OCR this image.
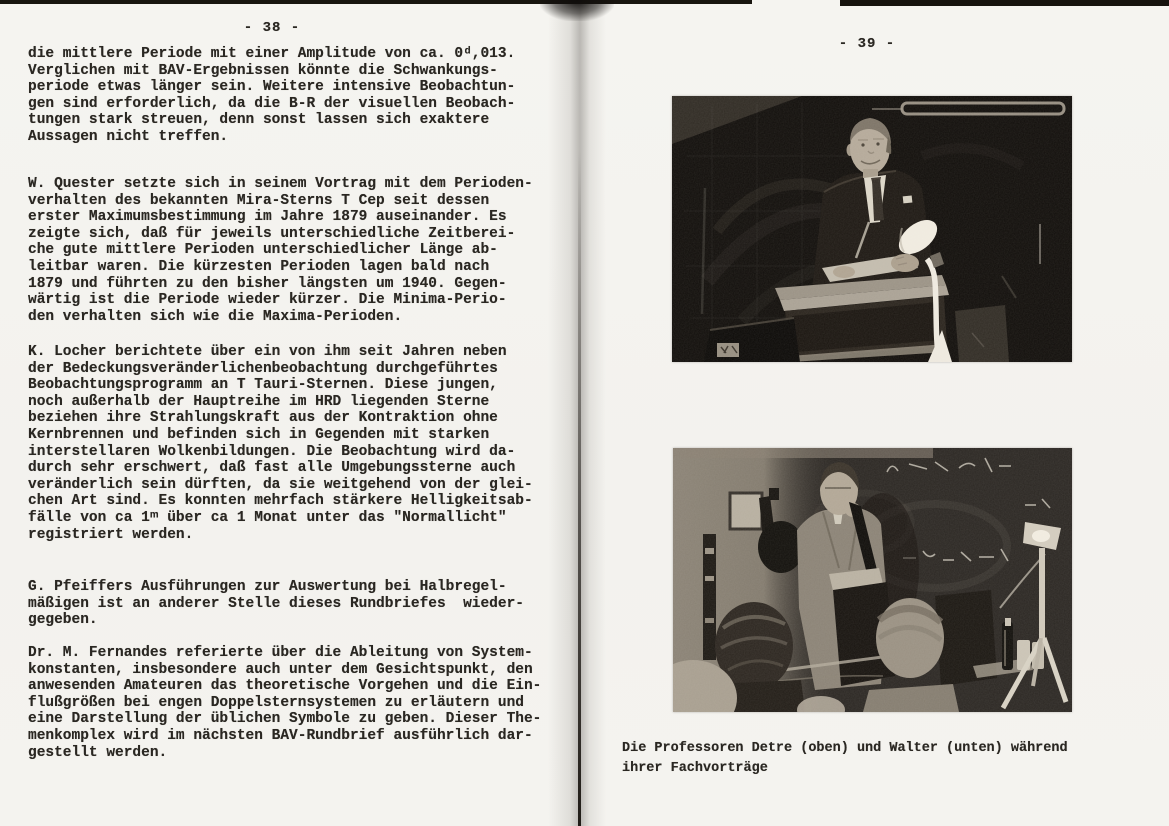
- 38 -
die mittlere Periode mit einer Amplitude von ca. 0ᵈ,013.
Verglichen mit BAV-Ergebnissen könnte die Schwankungs-
periode etwas länger sein. Weitere intensive Beobachtun-
gen sind erforderlich, da die B-R der visuellen Beobach-
tungen stark streuen, denn sonst lassen sich exaktere
Aussagen nicht treffen.
W. Quester setzte sich in seinem Vortrag mit dem Perioden-
verhalten des bekannten Mira-Sterns T Cep seit dessen
erster Maximumsbestimmung im Jahre 1879 auseinander. Es
zeigte sich, daß für jeweils unterschiedliche Zeitberei-
che gute mittlere Perioden unterschiedlicher Länge ab-
leitbar waren. Die kürzesten Perioden lagen bald nach
1879 und führten zu den bisher längsten um 1940. Gegen-
wärtig ist die Periode wieder kürzer. Die Minima-Perio-
den verhalten sich wie die Maxima-Perioden.
K. Locher berichtete über ein von ihm seit Jahren neben
der Bedeckungsveränderlichenbeobachtung durchgeführtes
Beobachtungsprogramm an T Tauri-Sternen. Diese jungen,
noch außerhalb der Hauptreihe im HRD liegenden Sterne
beziehen ihre Strahlungskraft aus der Kontraktion ohne
Kernbrennen und befinden sich in Gegenden mit starken
interstellaren Wolkenbildungen. Die Beobachtung wird da-
durch sehr erschwert, daß fast alle Umgebungssterne auch
veränderlich sein dürften, da sie weitgehend von der glei-
chen Art sind. Es konnten mehrfach stärkere Helligkeitsab-
fälle von ca 1ᵐ über ca 1 Monat unter das "Normallicht"
registriert werden.
G. Pfeiffers Ausführungen zur Auswertung bei Halbregel-
mäßigen ist an anderer Stelle dieses Rundbriefes  wieder-
gegeben.
Dr. M. Fernandes referierte über die Ableitung von System-
konstanten, insbesondere auch unter dem Gesichtspunkt, den
anwesenden Amateuren das theoretische Vorgehen und die Ein-
flußgrößen bei engen Doppelsternsystemen zu erläutern und
eine Darstellung der üblichen Symbole zu geben. Dieser The-
menkomplex wird im nächsten BAV-Rundbrief ausführlich dar-
gestellt werden.
- 39 -
Die Professoren Detre (oben) und Walter (unten) während
ihrer Fachvorträge
